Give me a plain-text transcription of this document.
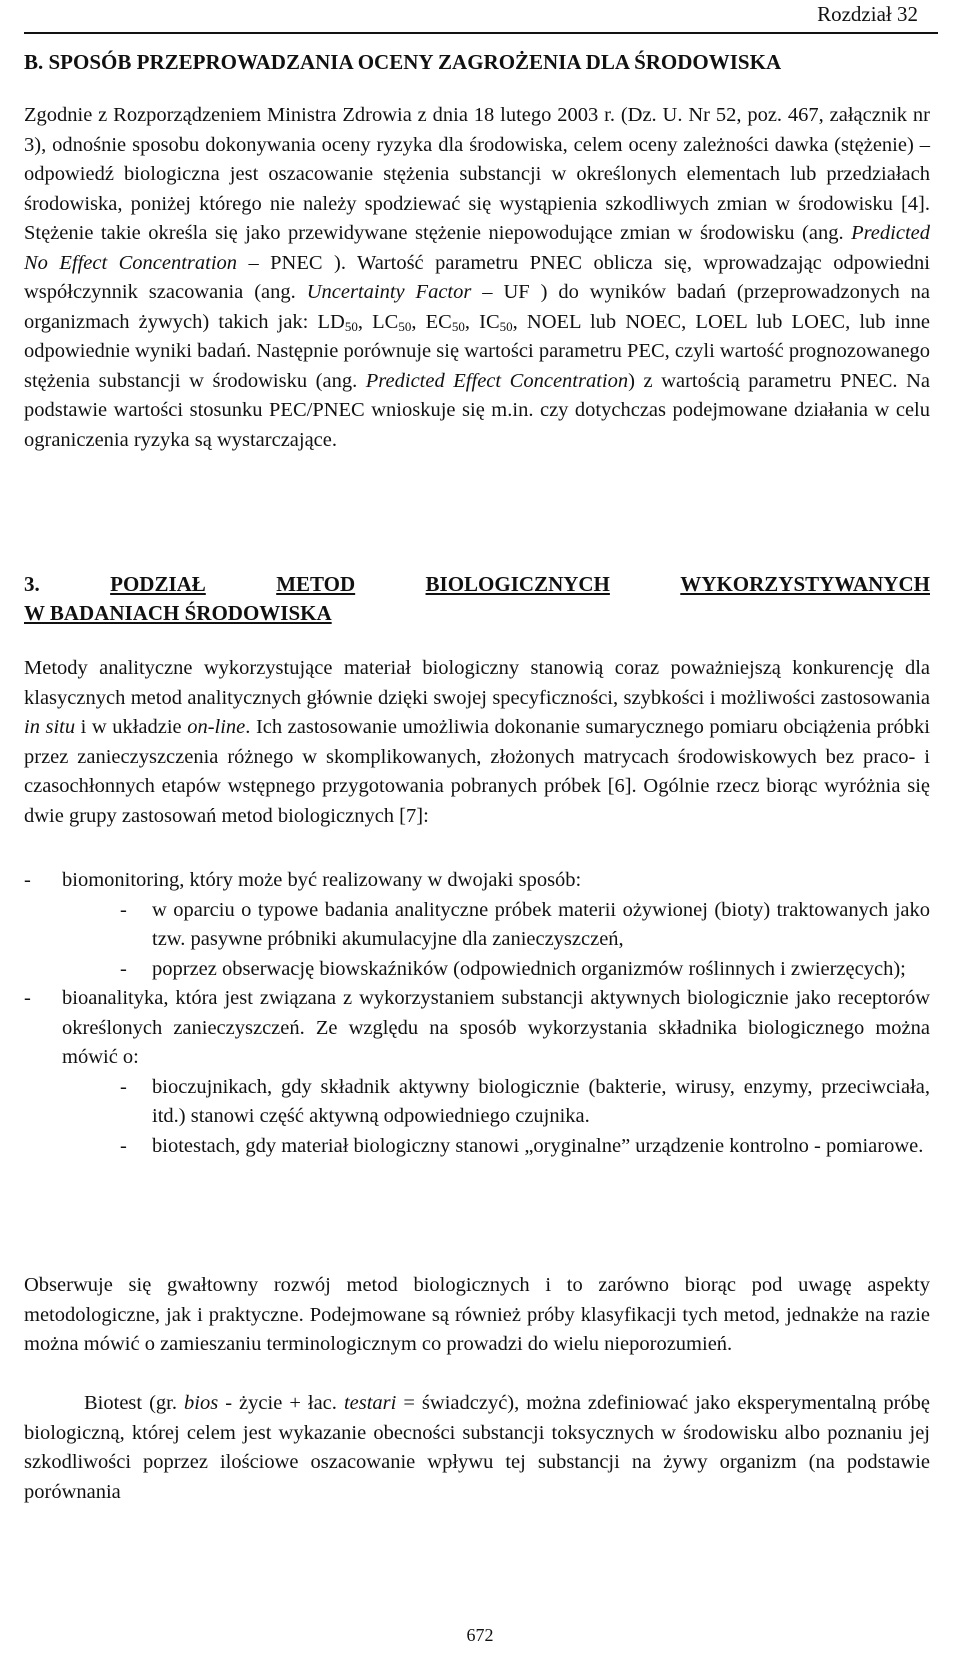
Rozdział 32
B. SPOSÓB PRZEPROWADZANIA OCENY ZAGROŻENIA DLA ŚRODOWISKA
Zgodnie z Rozporządzeniem Ministra Zdrowia z dnia 18 lutego 2003 r. (Dz. U. Nr 52, poz. 467, załącznik nr 3), odnośnie sposobu dokonywania oceny ryzyka dla środowiska, celem oceny zależności dawka (stężenie) – odpowiedź biologiczna jest oszacowanie stężenia substancji w określonych elementach lub przedziałach środowiska, poniżej którego nie należy spodziewać się wystąpienia szkodliwych zmian w środowisku [4]. Stężenie takie określa się jako przewidywane stężenie niepowodujące zmian w środowisku (ang. Predicted No Effect Concentration – PNEC ). Wartość parametru PNEC oblicza się, wprowadzając odpowiedni współczynnik szacowania (ang. Uncertainty Factor – UF ) do wyników badań (przeprowadzonych na organizmach żywych) takich jak: $LD_{50}$, $LC_{50}$, $EC_{50}$, $IC_{50}$, NOEL lub NOEC, LOEL lub LOEC, lub inne odpowiednie wyniki badań. Następnie porównuje się wartości parametru PEC, czyli wartość prognozowanego stężenia substancji w środowisku (ang. Predicted Effect Concentration) z wartością parametru PNEC. Na podstawie wartości stosunku PEC/PNEC wnioskuje się m.in. czy dotychczas podejmowane działania w celu ograniczenia ryzyka są wystarczające.
3.	PODZIAŁ	METOD	BIOLOGICZNYCH	WYKORZYSTYWANYCH
W BADANIACH ŚRODOWISKA
Metody analityczne wykorzystujące materiał biologiczny stanowią coraz poważniejszą konkurencję dla klasycznych metod analitycznych głównie dzięki swojej specyficzności, szybkości i możliwości zastosowania in situ i w układzie on-line. Ich zastosowanie umożliwia dokonanie sumarycznego pomiaru obciążenia próbki przez zanieczyszczenia różnego w skomplikowanych, złożonych matrycach środowiskowych bez praco- i czasochłonnych etapów wstępnego przygotowania pobranych próbek [6]. Ogólnie rzecz biorąc wyróżnia się dwie grupy zastosowań metod biologicznych [7]:
- biomonitoring, który może być realizowany w dwojaki sposób:
- w oparciu o typowe badania analityczne próbek materii ożywionej (bioty) traktowanych jako tzw. pasywne próbniki akumulacyjne dla zanieczyszczeń,
- poprzez obserwację biowskaźników (odpowiednich organizmów roślinnych i zwierzęcych);
- bioanalityka, która jest związana z wykorzystaniem substancji aktywnych biologicznie jako receptorów określonych zanieczyszczeń. Ze względu na sposób wykorzystania składnika biologicznego można mówić o:
- bioczujnikach, gdy składnik aktywny biologicznie (bakterie, wirusy, enzymy, przeciwciała, itd.) stanowi część aktywną odpowiedniego czujnika.
- biotestach, gdy materiał biologiczny stanowi „oryginalne” urządzenie kontrolno - pomiarowe.
Obserwuje się gwałtowny rozwój metod biologicznych i to zarówno biorąc pod uwagę aspekty metodologiczne, jak i praktyczne. Podejmowane są również próby klasyfikacji tych metod, jednakże na razie można mówić o zamieszaniu terminologicznym co prowadzi do wielu nieporozumień.
Biotest (gr. bios - życie + łac. testari = świadczyć), można zdefiniować jako eksperymentalną próbę biologiczną, której celem jest wykazanie obecności substancji toksycznych w środowisku albo poznaniu jej szkodliwości poprzez ilościowe oszacowanie wpływu tej substancji na żywy organizm (na podstawie porównania
672
